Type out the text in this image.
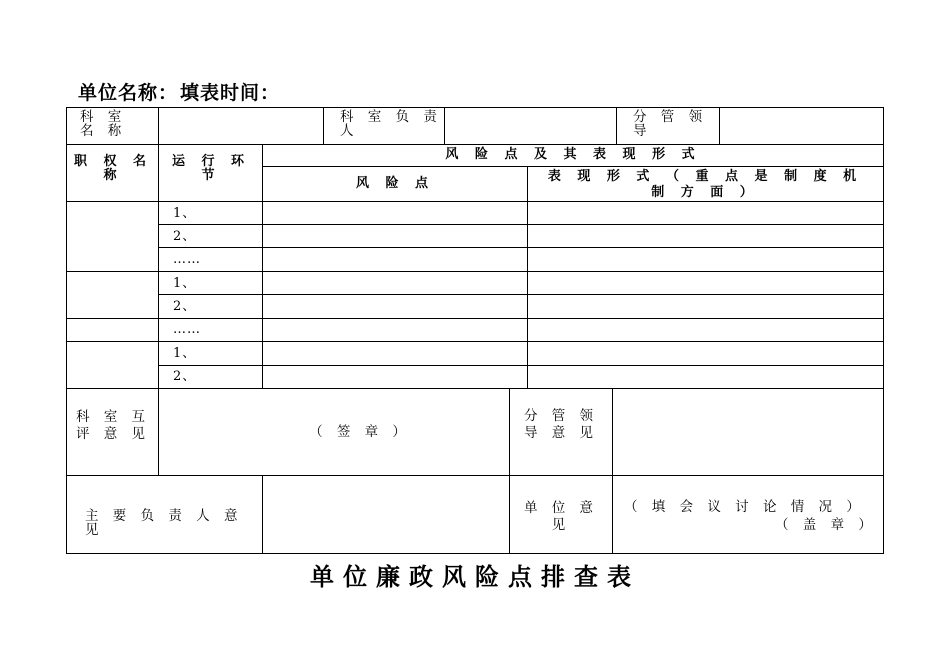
单位名称： 填表时间：
科 室 名 称
科 室 负 责 人
分 管 领 导
职 权 名 称
运 行 环 节
风 险 点 及 其 表 现 形 式
风 险 点	表 现 形 式 （ 重 点 是 制 度 机 制 方 面 ）
1、
2、
……
1、
2、
……
1、
2、
科 室 互 评 意 见	（ 签 章 ）
分 管 领 导 意 见
主 要 负 责 人 意 见
单 位 意 见
（ 填 会 议 讨 论 情 况 ）
（ 盖 章 ）
单位廉政风险点排查表
